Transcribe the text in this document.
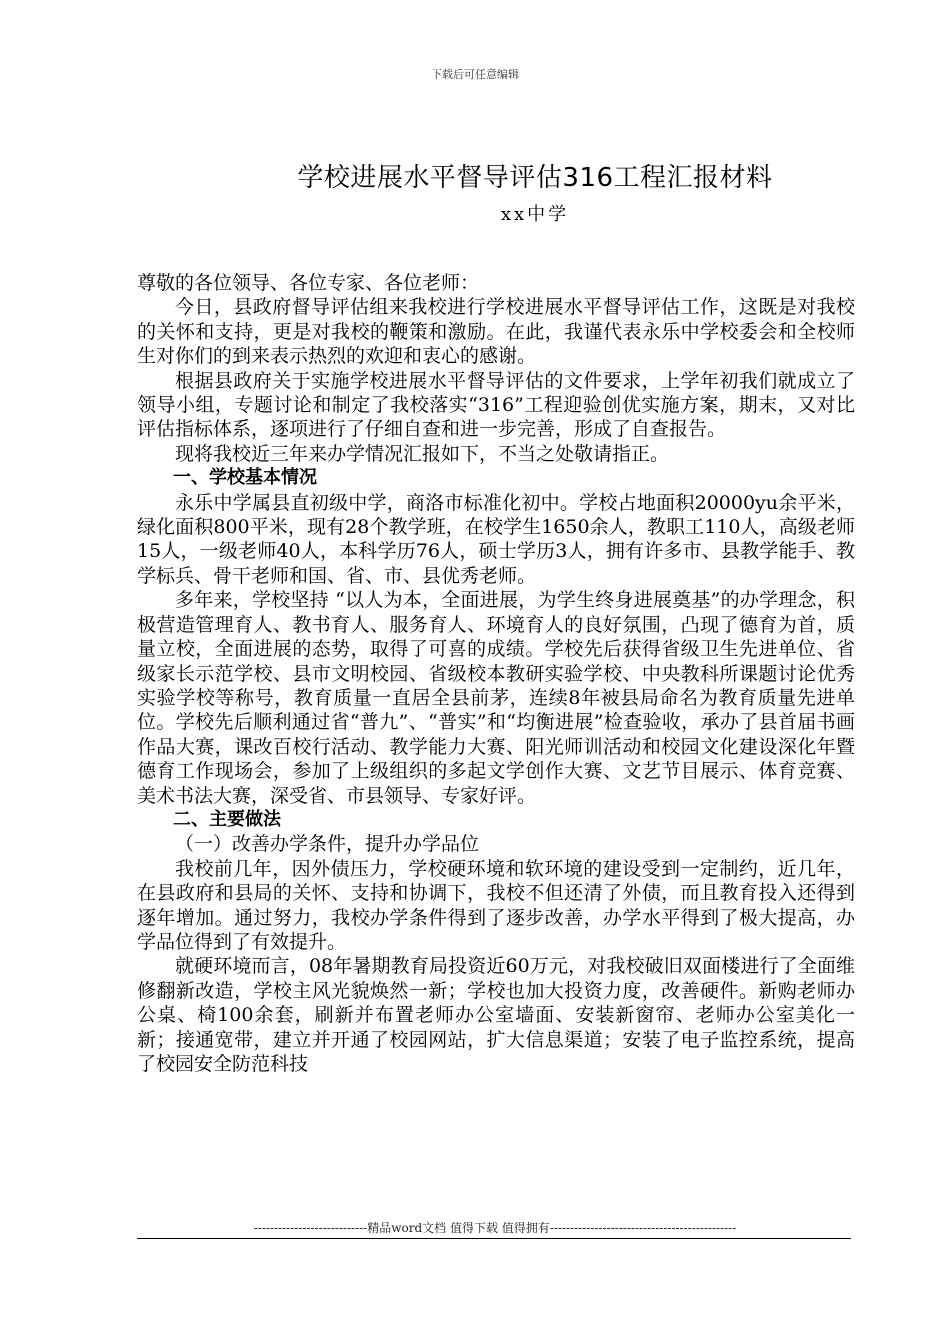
下载后可任意编辑
学校进展水平督导评估316工程汇报材料
xx中学

尊敬的各位领导、各位专家、各位老师：

今日，县政府督导评估组来我校进行学校进展水平督导评估工作，这既是对我校的关怀和支持，更是对我校的鞭策和激励。在此，我谨代表永乐中学校委会和全校师生对你们的到来表示热烈的欢迎和衷心的感谢。

根据县政府关于实施学校进展水平督导评估的文件要求，上学年初我们就成立了领导小组，专题讨论和制定了我校落实“316”工程迎验创优实施方案，期末，又对比评估指标体系，逐项进行了仔细自查和进一步完善，形成了自查报告。

现将我校近三年来办学情况汇报如下，不当之处敬请指正。

一、学校基本情况

永乐中学属县直初级中学，商洛市标准化初中。学校占地面积20000yu余平米，绿化面积800平米，现有28个教学班，在校学生1650余人，教职工110人，高级老师15人，一级老师40人，本科学历76人，硕士学历3人，拥有许多市、县教学能手、教学标兵、骨干老师和国、省、市、县优秀老师。

多年来，学校坚持 “以人为本，全面进展，为学生终身进展奠基”的办学理念，积极营造管理育人、教书育人、服务育人、环境育人的良好氛围，凸现了德育为首，质量立校，全面进展的态势，取得了可喜的成绩。学校先后获得省级卫生先进单位、省级家长示范学校、县市文明校园、省级校本教研实验学校、中央教科所课题讨论优秀实验学校等称号，教育质量一直居全县前茅，连续8年被县局命名为教育质量先进单位。学校先后顺利通过省“普九”、“普实”和“均衡进展”检查验收，承办了县首届书画作品大赛，课改百校行活动、教学能力大赛、阳光师训活动和校园文化建设深化年暨德育工作现场会，参加了上级组织的多起文学创作大赛、文艺节目展示、体育竞赛、美术书法大赛，深受省、市县领导、专家好评。

二、主要做法

（一）改善办学条件，提升办学品位

我校前几年，因外债压力，学校硬环境和软环境的建设受到一定制约，近几年，在县政府和县局的关怀、支持和协调下，我校不但还清了外债，而且教育投入还得到逐年增加。通过努力，我校办学条件得到了逐步改善，办学水平得到了极大提高，办学品位得到了有效提升。

就硬环境而言，08年暑期教育局投资近60万元，对我校破旧双面楼进行了全面维修翻新改造，学校主风光貌焕然一新；学校也加大投资力度，改善硬件。新购老师办公桌、椅100余套，刷新并布置老师办公室墙面、安装新窗帘、老师办公室美化一新；接通宽带，建立并开通了校园网站，扩大信息渠道；安装了电子监控系统，提高了校园安全防范科技

----------------------------精品word文档 值得下载 值得拥有----------------------------------------------
